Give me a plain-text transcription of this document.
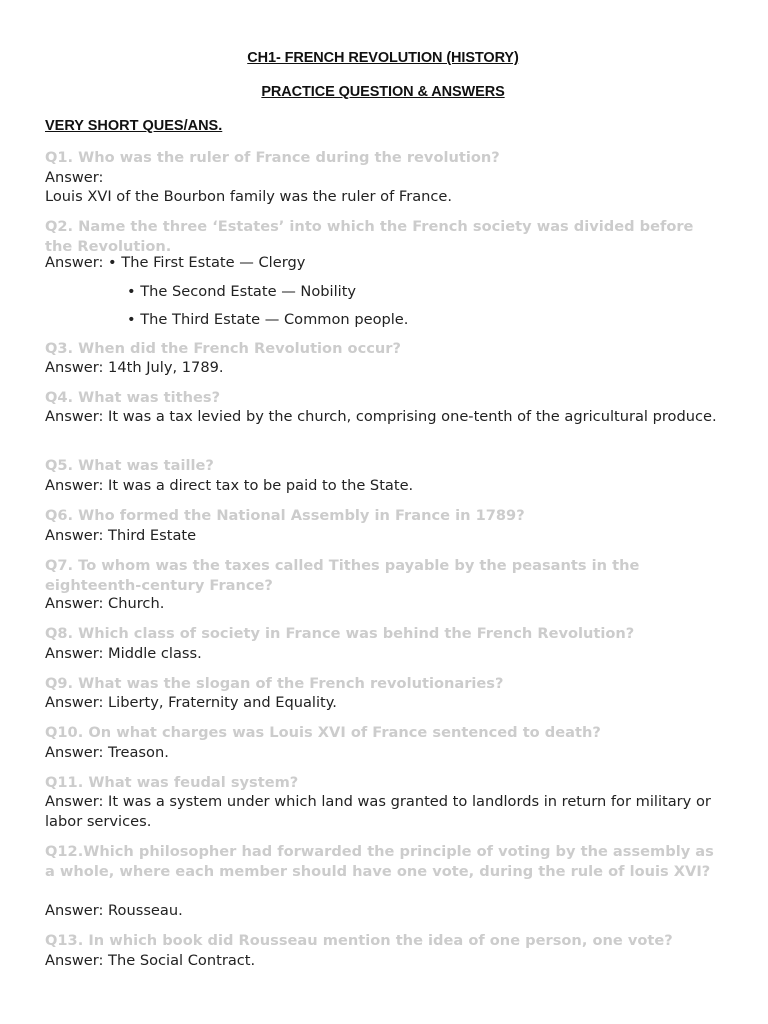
CH1- FRENCH REVOLUTION (HISTORY)
PRACTICE QUESTION & ANSWERS
VERY SHORT QUES/ANS.
Q1. Who was the ruler of France during the revolution?
Answer:
Louis XVI of the Bourbon family was the ruler of France.
Q2. Name the three ‘Estates’ into which the French society was divided before the Revolution.
Answer: • The First Estate — Clergy
• The Second Estate — Nobility
• The Third Estate — Common people.
Q3. When did the French Revolution occur?
Answer: 14th July, 1789.
Q4. What was tithes?
Answer: It was a tax levied by the church, comprising one-tenth of the agricultural produce.
Q5. What was taille?
Answer: It was a direct tax to be paid to the State.
Q6. Who formed the National Assembly in France in 1789?
Answer: Third Estate
Q7. To whom was the taxes called Tithes payable by the peasants in the eighteenth-century France?
Answer: Church.
Q8. Which class of society in France was behind the French Revolution?
Answer: Middle class.
Q9. What was the slogan of the French revolutionaries?
Answer: Liberty, Fraternity and Equality.
Q10. On what charges was Louis XVI of France sentenced to death?
Answer: Treason.
Q11. What was feudal system?
Answer: It was a system under which land was granted to landlords in return for military or labor services.
Q12.Which philosopher had forwarded the principle of voting by the assembly as a whole, where each member should have one vote, during the rule of louis XVI?
Answer: Rousseau.
Q13. In which book did Rousseau mention the idea of one person, one vote?
Answer: The Social Contract.
